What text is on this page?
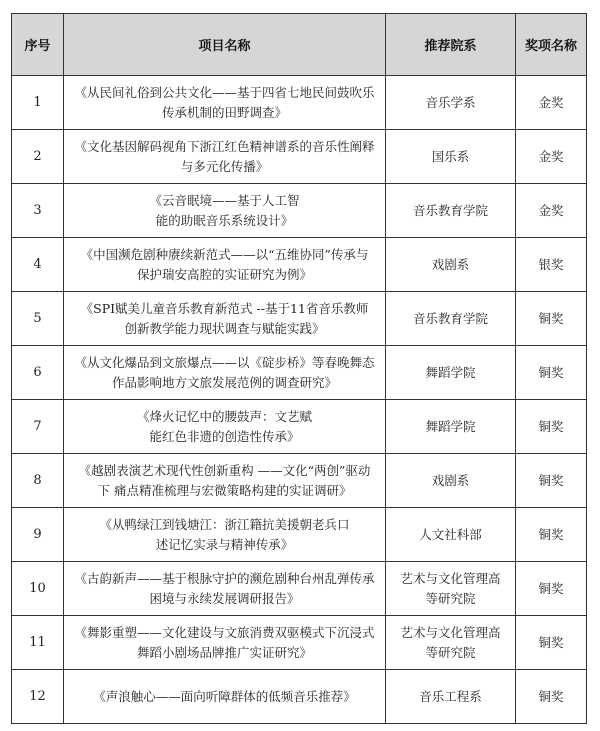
序号	项目名称	推荐院系	奖项名称
1	《从民间礼俗到公共文化——基于四省七地民间鼓吹乐传承机制的田野调查》	音乐学系	金奖
2	《文化基因解码视角下浙江红色精神谱系的音乐性阐释与多元化传播》	国乐系	金奖
3	《云音眠境——基于人工智能的助眠音乐系统设计》	音乐教育学院	金奖
4	《中国濒危剧种赓续新范式——以“五维协同”传承与保护瑞安高腔的实证研究为例》	戏剧系	银奖
5	《SPI赋美儿童音乐教育新范式 --基于11省音乐教师创新教学能力现状调查与赋能实践》	音乐教育学院	铜奖
6	《从文化爆品到文旅爆点——以《碇步桥》等春晚舞态作品影响地方文旅发展范例的调查研究》	舞蹈学院	铜奖
7	《烽火记忆中的腰鼓声：文艺赋能红色非遗的创造性传承》	舞蹈学院	铜奖
8	《越剧表演艺术现代性创新重构 ——文化“两创”驱动下 痛点精准梳理与宏微策略构建的实证调研》	戏剧系	铜奖
9	《从鸭绿江到钱塘江：浙江籍抗美援朝老兵口述记忆实录与精神传承》	人文社科部	铜奖
10	《古韵新声——基于根脉守护的濒危剧种台州乱弹传承困境与永续发展调研报告》	艺术与文化管理高等研究院	铜奖
11	《舞影重塑——文化建设与文旅消费双驱模式下沉浸式舞蹈小剧场品牌推广实证研究》	艺术与文化管理高等研究院	铜奖
12	《声浪触心——面向听障群体的低频音乐推荐》	音乐工程系	铜奖
